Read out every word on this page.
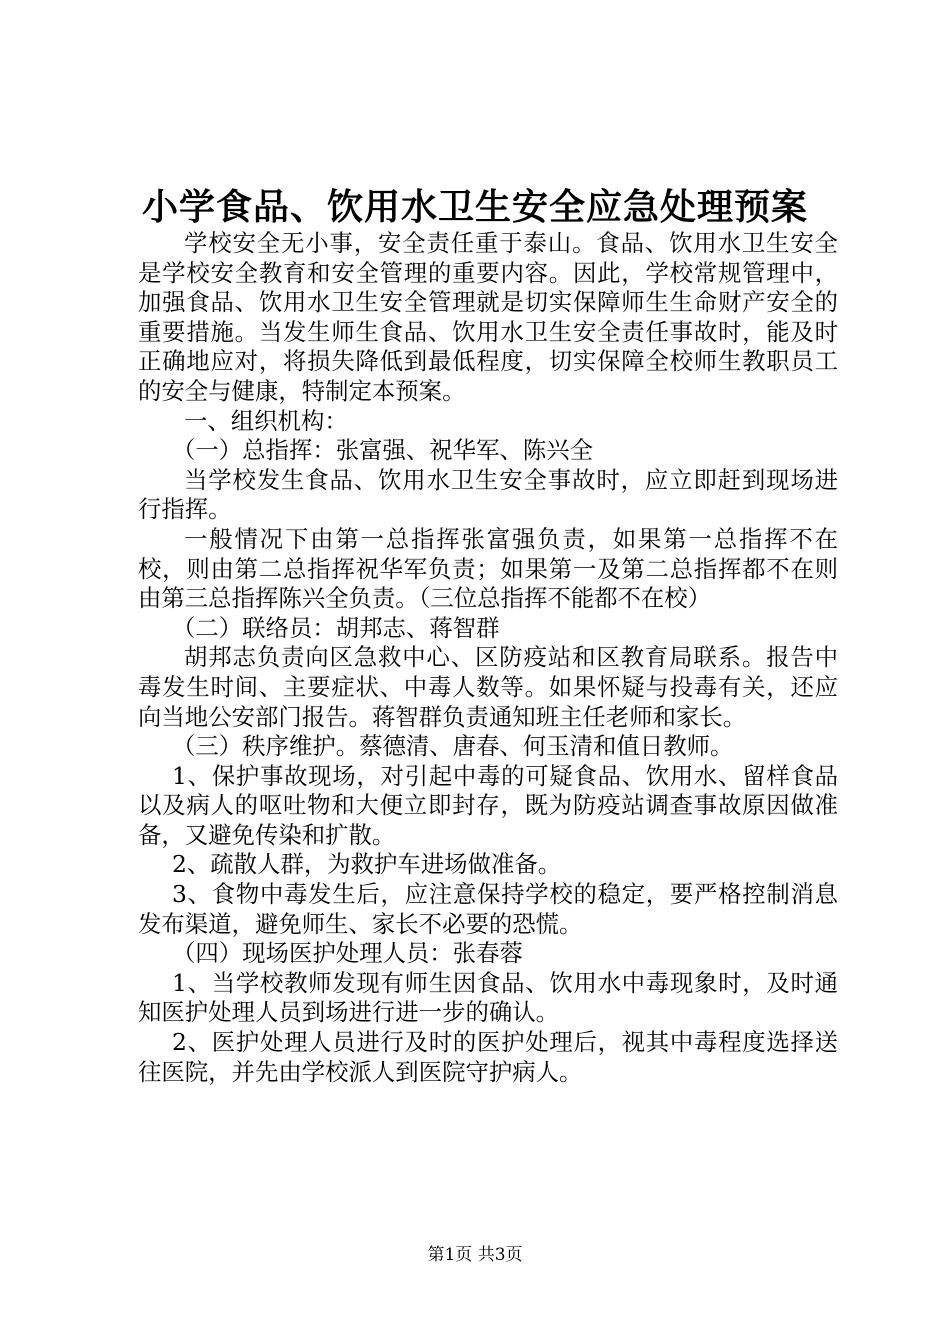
小学食品、饮用水卫生安全应急处理预案

学校安全无小事，安全责任重于泰山。食品、饮用水卫生安全是学校安全教育和安全管理的重要内容。因此，学校常规管理中，加强食品、饮用水卫生安全管理就是切实保障师生生命财产安全的重要措施。当发生师生食品、饮用水卫生安全责任事故时，能及时正确地应对，将损失降低到最低程度，切实保障全校师生教职员工的安全与健康，特制定本预案。

一、组织机构：

（一）总指挥：张富强、祝华军、陈兴全

当学校发生食品、饮用水卫生安全事故时，应立即赶到现场进行指挥。

一般情况下由第一总指挥张富强负责，如果第一总指挥不在校，则由第二总指挥祝华军负责；如果第一及第二总指挥都不在则由第三总指挥陈兴全负责。（三位总指挥不能都不在校）

（二）联络员：胡邦志、蒋智群

胡邦志负责向区急救中心、区防疫站和区教育局联系。报告中毒发生时间、主要症状、中毒人数等。如果怀疑与投毒有关，还应向当地公安部门报告。蒋智群负责通知班主任老师和家长。

（三）秩序维护。蔡德清、唐春、何玉清和值日教师。

1、保护事故现场，对引起中毒的可疑食品、饮用水、留样食品以及病人的呕吐物和大便立即封存，既为防疫站调查事故原因做准备，又避免传染和扩散。

2、疏散人群，为救护车进场做准备。

3、食物中毒发生后，应注意保持学校的稳定，要严格控制消息发布渠道，避免师生、家长不必要的恐慌。

（四）现场医护处理人员：张春蓉

1、当学校教师发现有师生因食品、饮用水中毒现象时，及时通知医护处理人员到场进行进一步的确认。

2、医护处理人员进行及时的医护处理后，视其中毒程度选择送往医院，并先由学校派人到医院守护病人。

第1页 共3页
